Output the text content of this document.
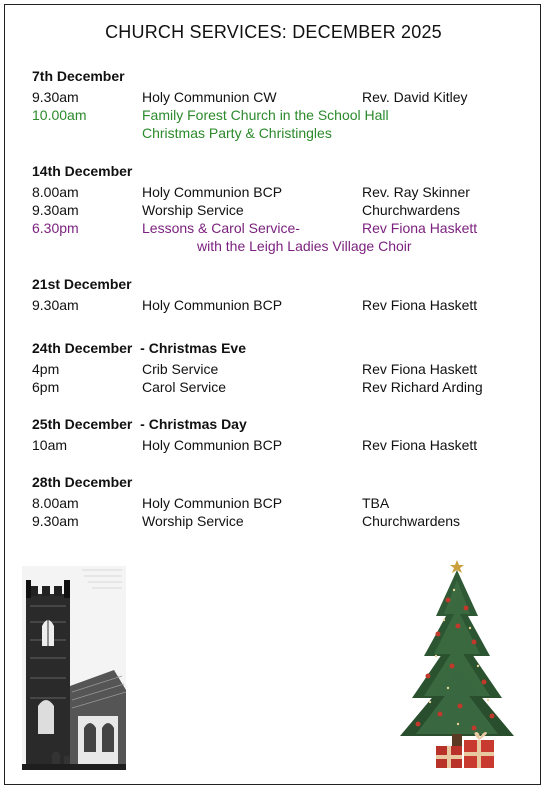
CHURCH SERVICES: DECEMBER 2025
7th December
9.30am	Holy Communion CW	Rev. David Kitley
10.00am	Family Forest Church in the School Hall
Christmas Party & Christingles
14th December
8.00am	Holy Communion BCP	Rev. Ray Skinner
9.30am	Worship Service	Churchwardens
6.30pm	Lessons & Carol Service-	Rev Fiona Haskett
with the Leigh Ladies Village Choir
21st December
9.30am	Holy Communion BCP	Rev Fiona Haskett
24th December  - Christmas Eve
4pm	Crib Service	Rev Fiona Haskett
6pm	Carol Service	Rev Richard Arding
25th December  - Christmas Day
10am	Holy Communion BCP	Rev Fiona Haskett
28th December
8.00am	Holy Communion BCP	TBA
9.30am	Worship Service	Churchwardens
